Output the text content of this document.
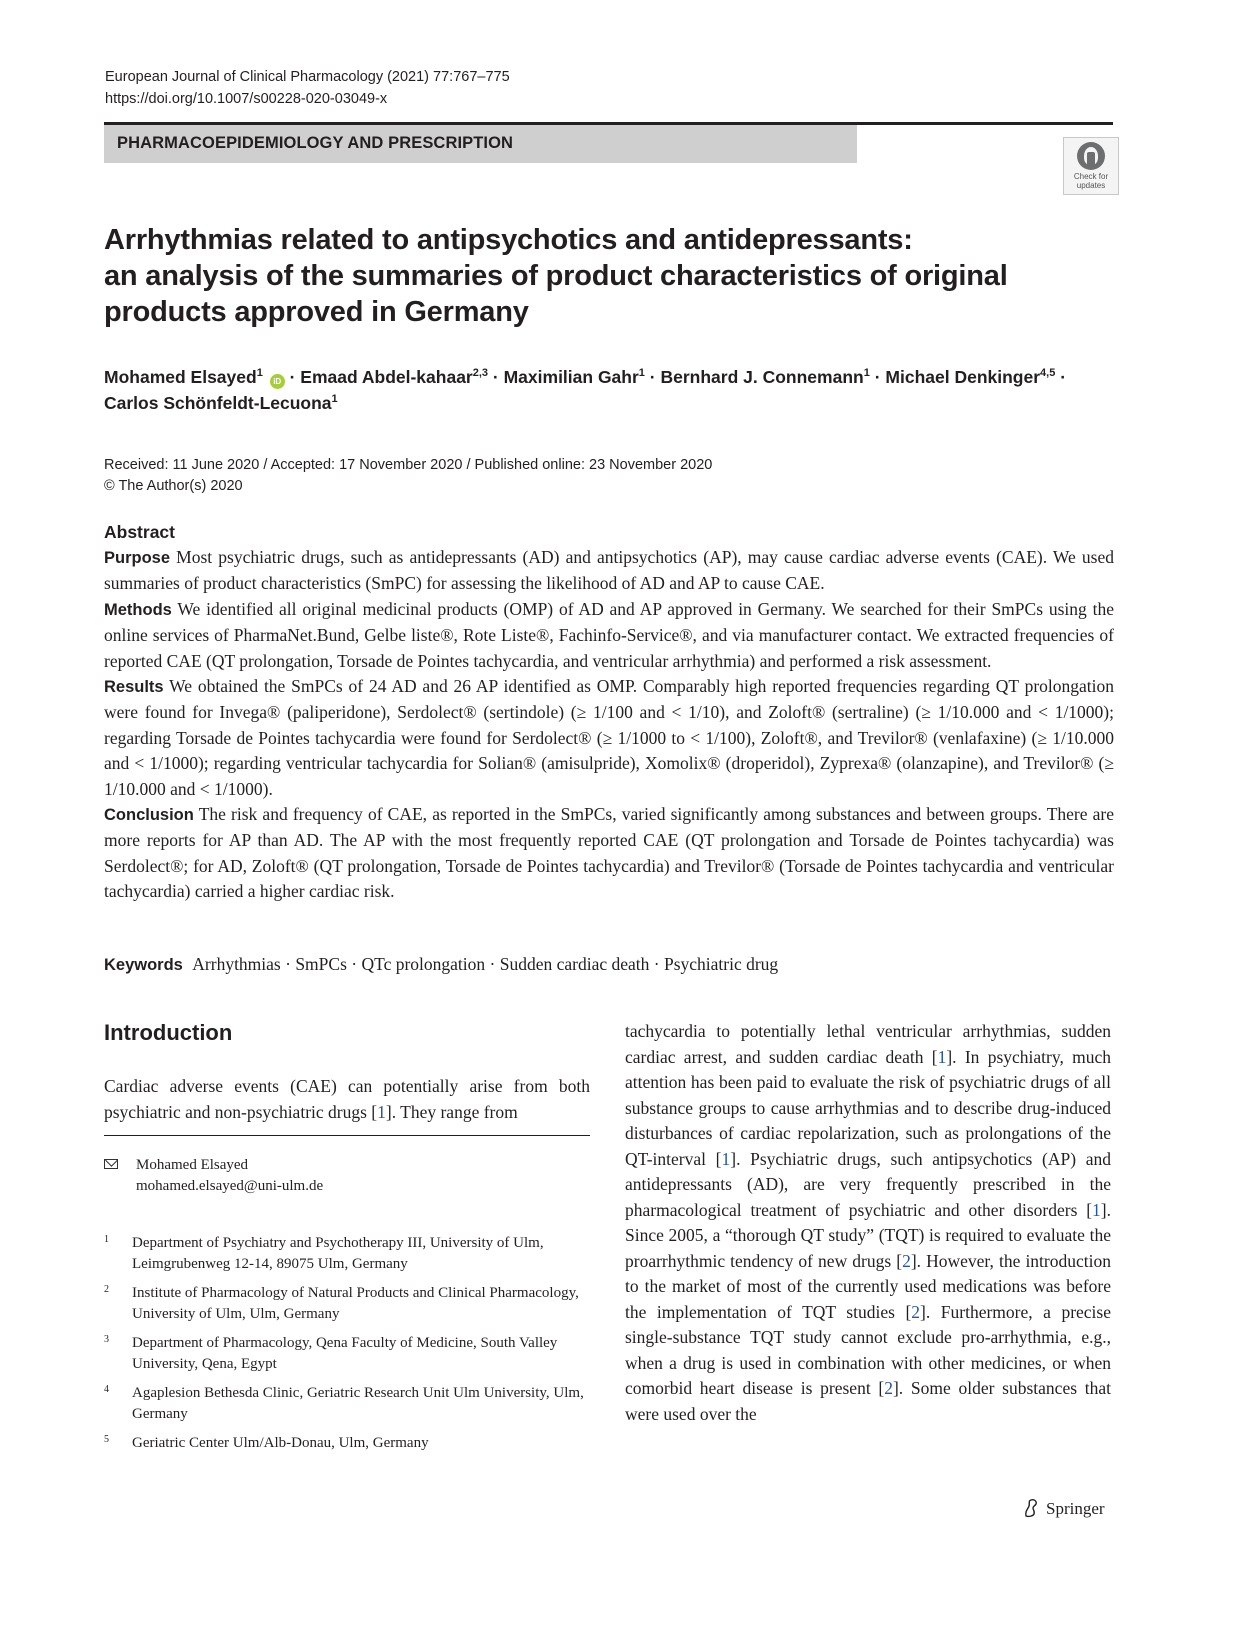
European Journal of Clinical Pharmacology (2021) 77:767–775
https://doi.org/10.1007/s00228-020-03049-x
PHARMACOEPIDEMIOLOGY AND PRESCRIPTION
Check for
updates
Arrhythmias related to antipsychotics and antidepressants:
an analysis of the summaries of product characteristics of original
products approved in Germany
Mohamed Elsayed$^1$ iD · Emaad Abdel-kahaar$^{2,3}$ · Maximilian Gahr$^1$ · Bernhard J. Connemann$^1$ · Michael Denkinger$^{4,5}$ ·
Carlos Schönfeldt-Lecuona$^1$
Received: 11 June 2020 / Accepted: 17 November 2020 / Published online: 23 November 2020
© The Author(s) 2020
Abstract

Purpose Most psychiatric drugs, such as antidepressants (AD) and antipsychotics (AP), may cause cardiac adverse events (CAE). We used summaries of product characteristics (SmPC) for assessing the likelihood of AD and AP to cause CAE.

Methods We identified all original medicinal products (OMP) of AD and AP approved in Germany. We searched for their SmPCs using the online services of PharmaNet.Bund, Gelbe liste®, Rote Liste®, Fachinfo-Service®, and via manufacturer contact. We extracted frequencies of reported CAE (QT prolongation, Torsade de Pointes tachycardia, and ventricular arrhythmia) and performed a risk assessment.

Results We obtained the SmPCs of 24 AD and 26 AP identified as OMP. Comparably high reported frequencies regarding QT prolongation were found for Invega® (paliperidone), Serdolect® (sertindole) (≥ 1/100 and < 1/10), and Zoloft® (sertraline) (≥ 1/10.000 and < 1/1000); regarding Torsade de Pointes tachycardia were found for Serdolect® (≥ 1/1000 to < 1/100), Zoloft®, and Trevilor® (venlafaxine) (≥ 1/10.000 and < 1/1000); regarding ventricular tachycardia for Solian® (amisulpride), Xomolix® (droperidol), Zyprexa® (olanzapine), and Trevilor® (≥ 1/10.000 and < 1/1000).

Conclusion The risk and frequency of CAE, as reported in the SmPCs, varied significantly among substances and between groups. There are more reports for AP than AD. The AP with the most frequently reported CAE (QT prolongation and Torsade de Pointes tachycardia) was Serdolect®; for AD, Zoloft® (QT prolongation, Torsade de Pointes tachycardia) and Trevilor® (Torsade de Pointes tachycardia and ventricular tachycardia) carried a higher cardiac risk.

Keywords Arrhythmias · SmPCs · QTc prolongation · Sudden cardiac death · Psychiatric drug
Introduction
Cardiac adverse events (CAE) can potentially arise from both psychiatric and non-psychiatric drugs [1]. They range from
tachycardia to potentially lethal ventricular arrhythmias, sudden cardiac arrest, and sudden cardiac death [1]. In psychiatry, much attention has been paid to evaluate the risk of psychiatric drugs of all substance groups to cause arrhythmias and to describe drug-induced disturbances of cardiac repolarization, such as prolongations of the QT-interval [1]. Psychiatric drugs, such antipsychotics (AP) and antidepressants (AD), are very frequently prescribed in the pharmacological treatment of psychiatric and other disorders [1]. Since 2005, a “thorough QT study” (TQT) is required to evaluate the proarrhythmic tendency of new drugs [2]. However, the introduction to the market of most of the currently used medications was before the implementation of TQT studies [2]. Furthermore, a precise single-substance TQT study cannot exclude pro-arrhythmia, e.g., when a drug is used in combination with other medicines, or when comorbid heart disease is present [2]. Some older substances that were used over the
Mohamed Elsayed
mohamed.elsayed@uni-ulm.de
1 Department of Psychiatry and Psychotherapy III, University of Ulm, Leimgrubenweg 12-14, 89075 Ulm, Germany
2 Institute of Pharmacology of Natural Products and Clinical Pharmacology, University of Ulm, Ulm, Germany
3 Department of Pharmacology, Qena Faculty of Medicine, South Valley University, Qena, Egypt
4 Agaplesion Bethesda Clinic, Geriatric Research Unit Ulm University, Ulm, Germany
5 Geriatric Center Ulm/Alb-Donau, Ulm, Germany
Springer
